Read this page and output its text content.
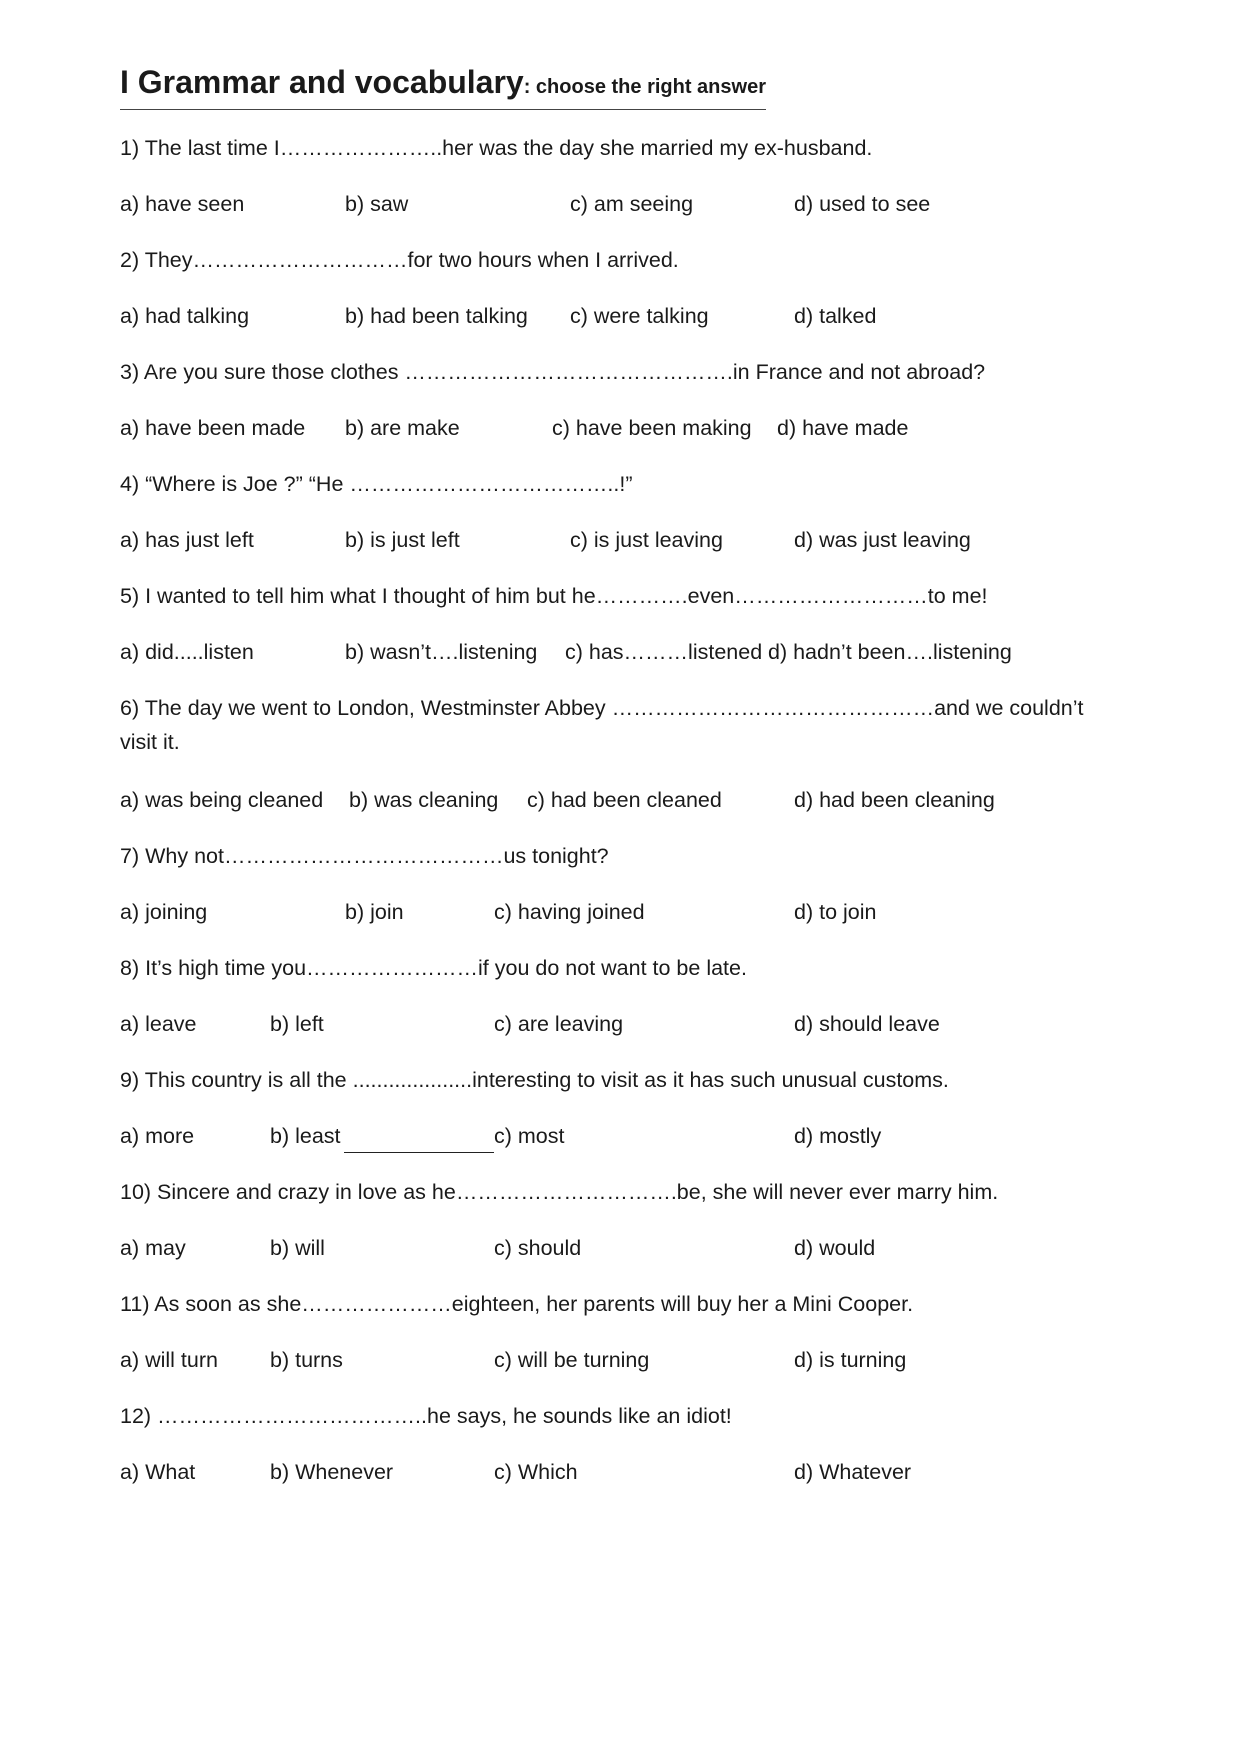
I Grammar and vocabulary: choose the right answer
1) The last time I…………………..her was the day she married my ex-husband.
a) have seen	b) saw	c) am seeing	d) used to see
2) They…………………………for two hours when I arrived.
a) had talking	b) had been talking c) were talking	d) talked
3) Are you sure those clothes ……………………………………….in France and not abroad?
a) have been made b) are make	c) have been making d) have made
4) “Where is Joe ?” “He ………………………………..!”
a) has just left	b) is just left	c) is just leaving	d) was just leaving
5) I wanted to tell him what I thought of him but he………….even………………………to me!
a) did.....listen	b) wasn’t….listening c) has………listened d) hadn’t been….listening
6) The day we went to London, Westminster Abbey ………………………………………and we couldn’t
visit it.
a) was being cleaned b) was cleaning c) had been cleaned	d) had been cleaning
7) Why not…………………………………us tonight?
a) joining	b) join	c) having joined	d) to join
8) It’s high time you……………………if you do not want to be late.
a) leave	b) left	c) are leaving	d) should leave
9) This country is all the ....................interesting to visit as it has such unusual customs.
a) more	b) least	c) most	d) mostly
10) Sincere and crazy in love as he………………………….be, she will never ever marry him.
a) may	b) will	c) should	d) would
11) As soon as she…………………eighteen, her parents will buy her a Mini Cooper.
a) will turn b) turns	c) will be turning	d) is turning
12) ………………………………..he says, he sounds like an idiot!
a) What	b) Whenever	c) Which	d) Whatever
